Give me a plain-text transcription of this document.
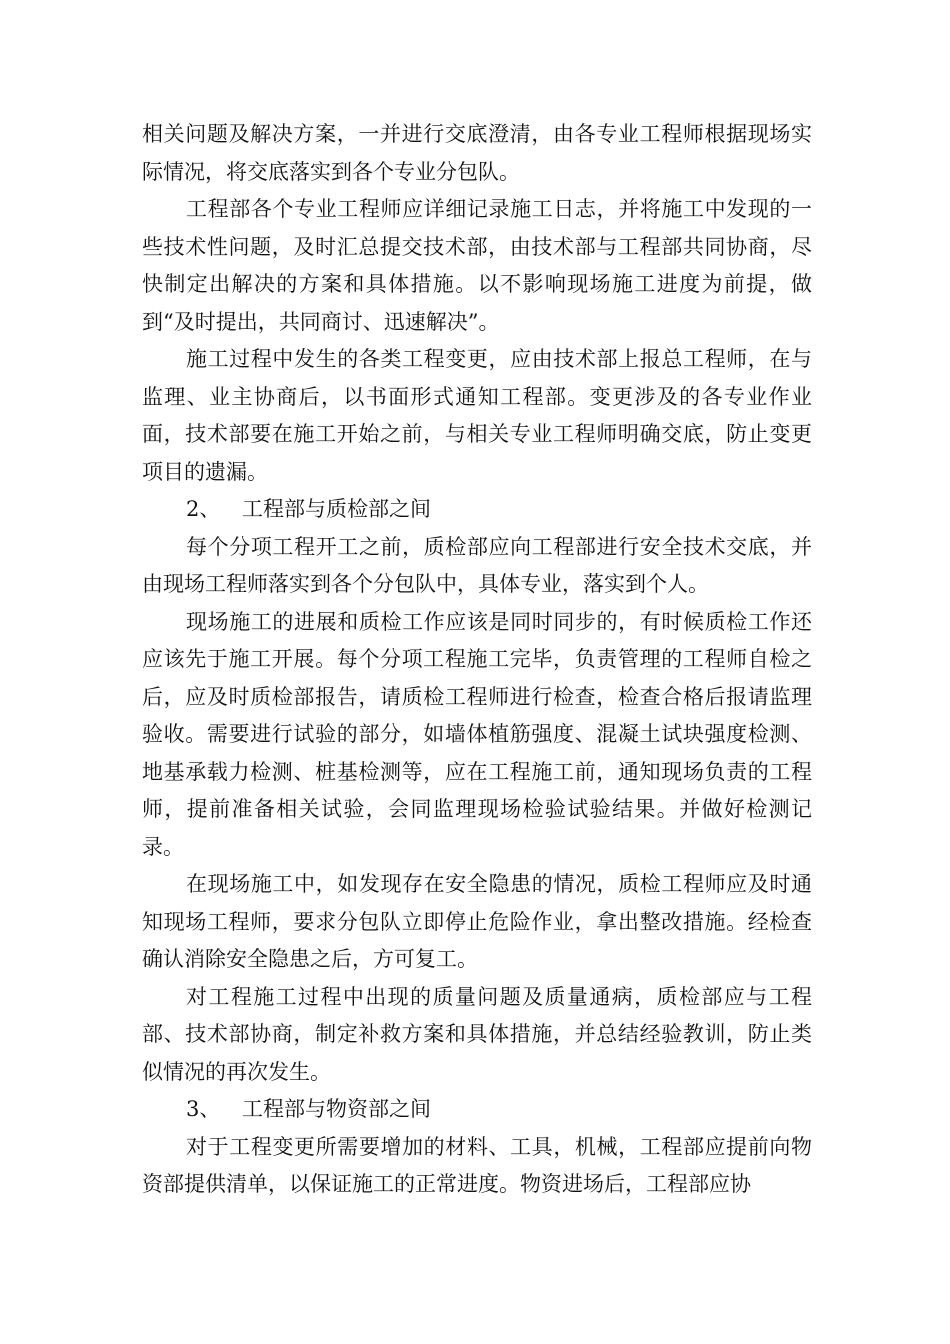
相关问题及解决方案，一并进行交底澄清，由各专业工程师根据现场实际情况，将交底落实到各个专业分包队。

工程部各个专业工程师应详细记录施工日志，并将施工中发现的一些技术性问题，及时汇总提交技术部，由技术部与工程部共同协商，尽快制定出解决的方案和具体措施。以不影响现场施工进度为前提，做到“及时提出，共同商讨、迅速解决”。

施工过程中发生的各类工程变更，应由技术部上报总工程师，在与监理、业主协商后，以书面形式通知工程部。变更涉及的各专业作业面，技术部要在施工开始之前，与相关专业工程师明确交底，防止变更项目的遗漏。

2、 工程部与质检部之间

每个分项工程开工之前，质检部应向工程部进行安全技术交底，并由现场工程师落实到各个分包队中，具体专业，落实到个人。

现场施工的进展和质检工作应该是同时同步的，有时候质检工作还应该先于施工开展。每个分项工程施工完毕，负责管理的工程师自检之后，应及时质检部报告，请质检工程师进行检查，检查合格后报请监理验收。需要进行试验的部分，如墙体植筋强度、混凝土试块强度检测、地基承载力检测、桩基检测等，应在工程施工前，通知现场负责的工程师，提前准备相关试验，会同监理现场检验试验结果。并做好检测记录。

在现场施工中，如发现存在安全隐患的情况，质检工程师应及时通知现场工程师，要求分包队立即停止危险作业，拿出整改措施。经检查确认消除安全隐患之后，方可复工。

对工程施工过程中出现的质量问题及质量通病，质检部应与工程部、技术部协商，制定补救方案和具体措施，并总结经验教训，防止类似情况的再次发生。

3、 工程部与物资部之间

对于工程变更所需要增加的材料、工具，机械，工程部应提前向物资部提供清单，以保证施工的正常进度。物资进场后，工程部应协
